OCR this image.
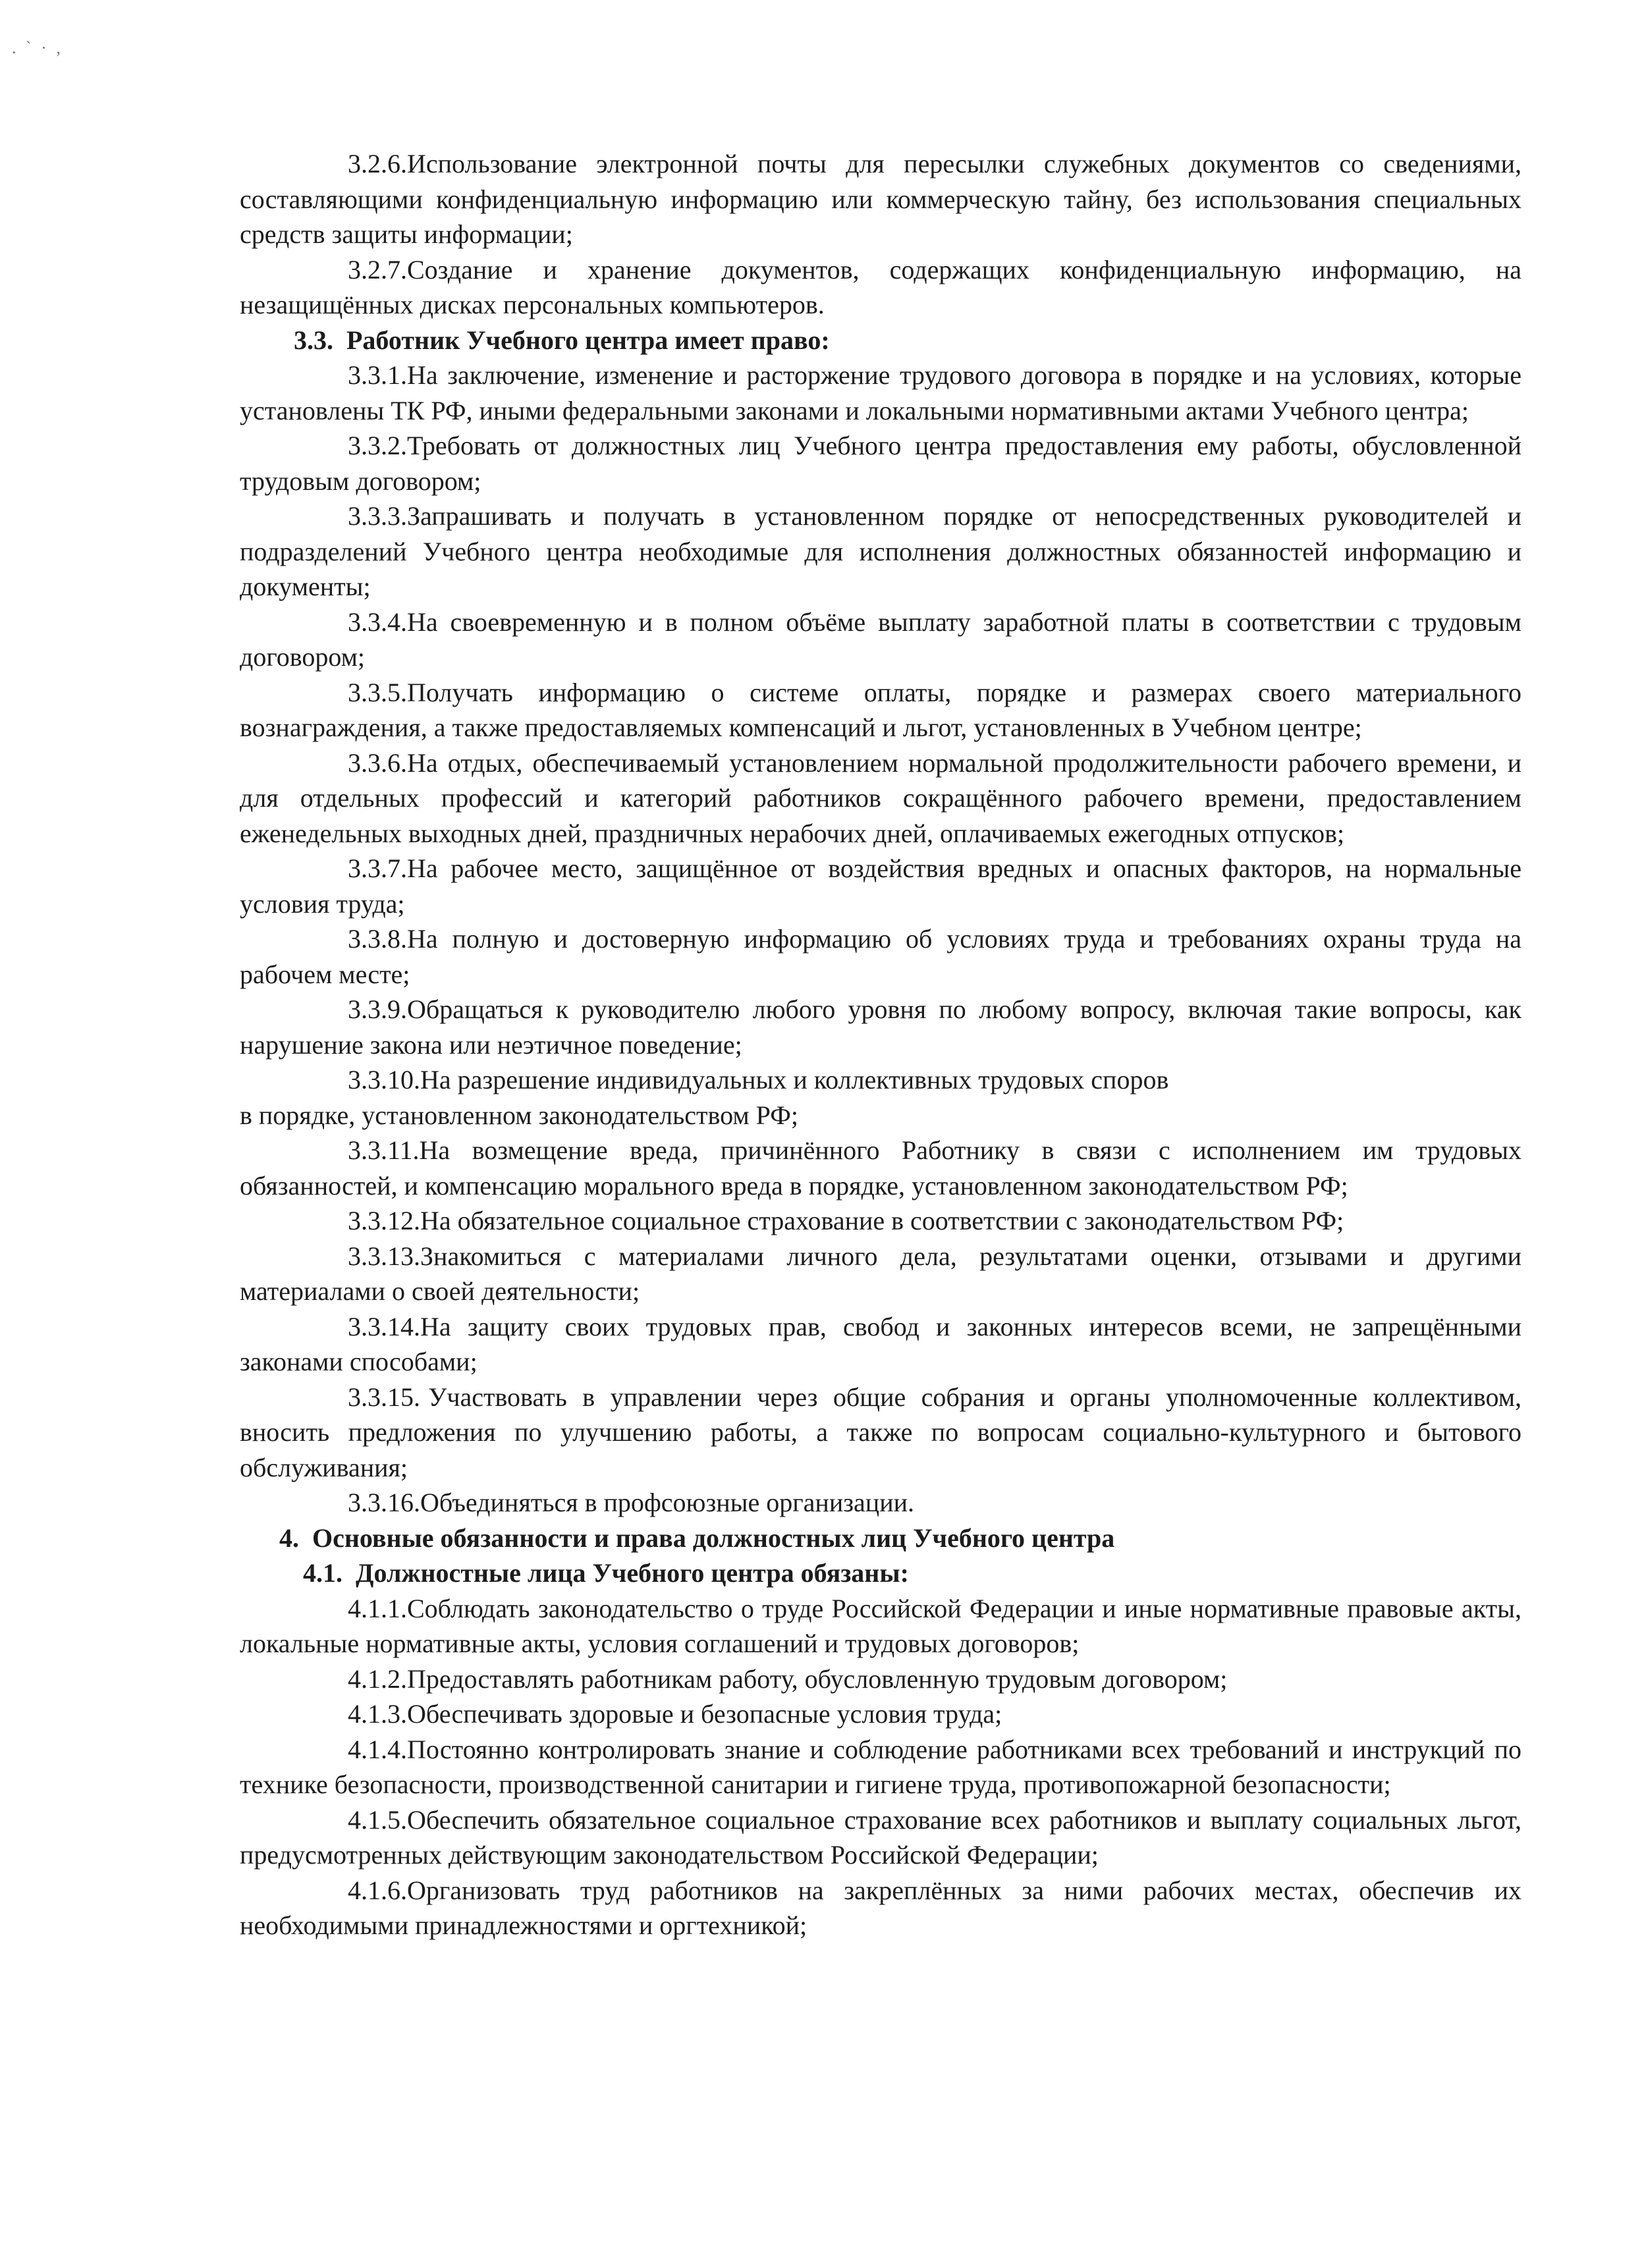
. ` · ,

3.2.6.Использование электронной почты для пересылки служебных документов со сведениями, составляющими конфиденциальную информацию или коммерческую тайну, без использования специальных средств защиты информации;

3.2.7.Создание и хранение документов, содержащих конфиденциальную информацию, на незащищённых дисках персональных компьютеров.

3.3. Работник Учебного центра имеет право:

3.3.1.На заключение, изменение и расторжение трудового договора в порядке и на условиях, которые установлены ТК РФ, иными федеральными законами и локальными нормативными актами Учебного центра;

3.3.2.Требовать от должностных лиц Учебного центра предоставления ему работы, обусловленной трудовым договором;

3.3.3.Запрашивать и получать в установленном порядке от непосредственных руководителей и подразделений Учебного центра необходимые для исполнения должностных обязанностей информацию и документы;

3.3.4.На своевременную и в полном объёме выплату заработной платы в соответствии с трудовым договором;

3.3.5.Получать информацию о системе оплаты, порядке и размерах своего материального вознаграждения, а также предоставляемых компенсаций и льгот, установленных в Учебном центре;

3.3.6.На отдых, обеспечиваемый установлением нормальной продолжительности рабочего времени, и для отдельных профессий и категорий работников сокращённого рабочего времени, предоставлением еженедельных выходных дней, праздничных нерабочих дней, оплачиваемых ежегодных отпусков;

3.3.7.На рабочее место, защищённое от воздействия вредных и опасных факторов, на нормальные условия труда;

3.3.8.На полную и достоверную информацию об условиях труда и требованиях охраны труда на рабочем месте;

3.3.9.Обращаться к руководителю любого уровня по любому вопросу, включая такие вопросы, как нарушение закона или неэтичное поведение;

3.3.10.На разрешение индивидуальных и коллективных трудовых споров

в порядке, установленном законодательством РФ;

3.3.11.На возмещение вреда, причинённого Работнику в связи с исполнением им трудовых обязанностей, и компенсацию морального вреда в порядке, установленном законодательством РФ;

3.3.12.На обязательное социальное страхование в соответствии с законодательством РФ;

3.3.13.Знакомиться с материалами личного дела, результатами оценки, отзывами и другими материалами о своей деятельности;

3.3.14.На защиту своих трудовых прав, свобод и законных интересов всеми, не запрещёнными законами способами;

3.3.15. Участвовать в управлении через общие собрания и органы уполномоченные коллективом, вносить предложения по улучшению работы, а также по вопросам социально-культурного и бытового обслуживания;

3.3.16.Объединяться в профсоюзные организации.

4. Основные обязанности и права должностных лиц Учебного центра

4.1. Должностные лица Учебного центра обязаны:

4.1.1.Соблюдать законодательство о труде Российской Федерации и иные нормативные правовые акты, локальные нормативные акты, условия соглашений и трудовых договоров;

4.1.2.Предоставлять работникам работу, обусловленную трудовым договором;

4.1.3.Обеспечивать здоровые и безопасные условия труда;

4.1.4.Постоянно контролировать знание и соблюдение работниками всех требований и инструкций по технике безопасности, производственной санитарии и гигиене труда, противопожарной безопасности;

4.1.5.Обеспечить обязательное социальное страхование всех работников и выплату социальных льгот, предусмотренных действующим законодательством Российской Федерации;

4.1.6.Организовать труд работников на закреплённых за ними рабочих местах, обеспечив их необходимыми принадлежностями и оргтехникой;
